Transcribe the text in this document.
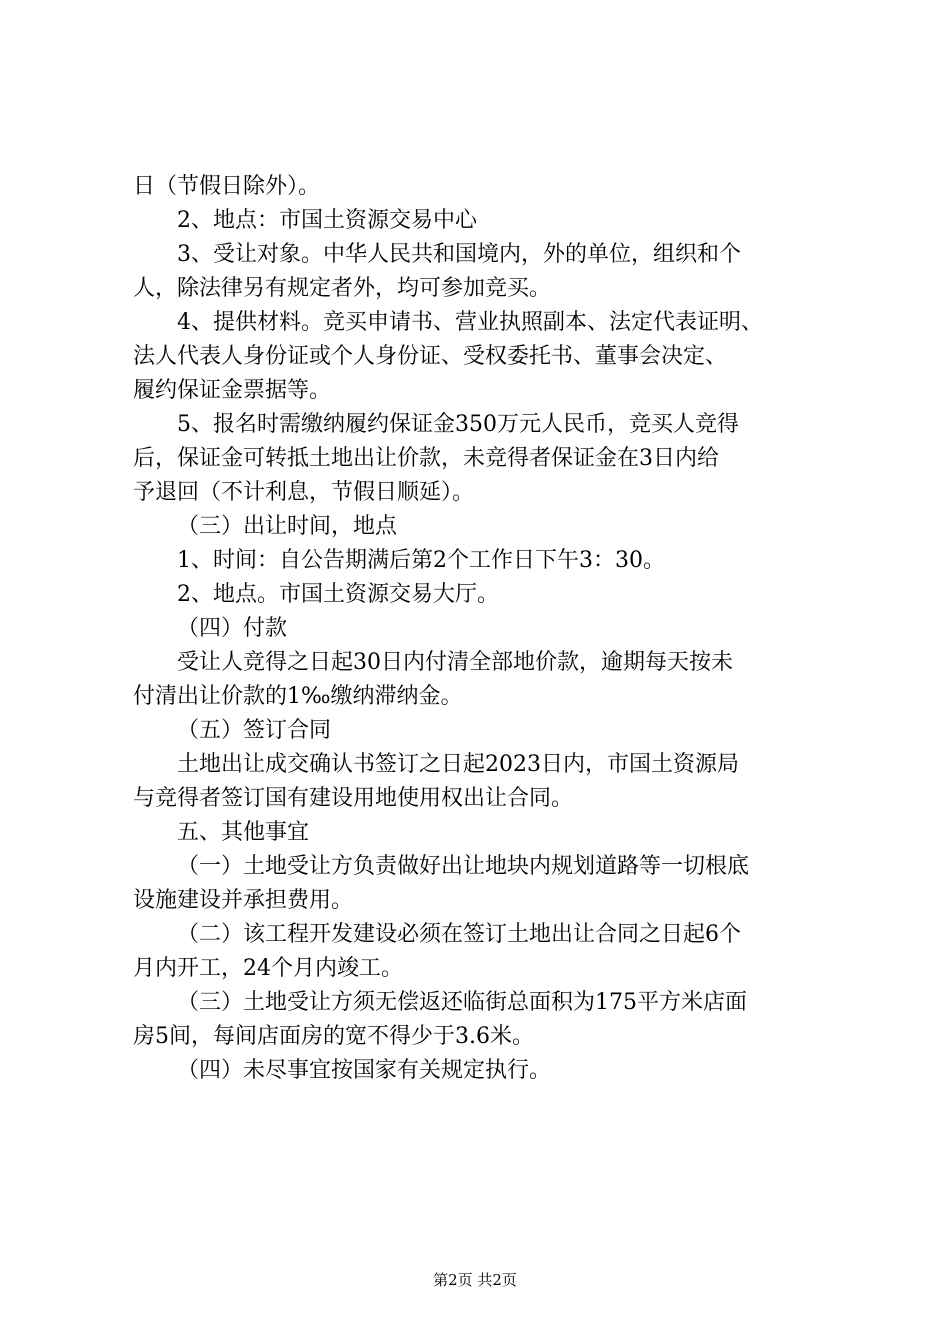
日（节假日除外）。
2、地点：市国土资源交易中心
3、受让对象。中华人民共和国境内，外的单位，组织和个
人，除法律另有规定者外，均可参加竞买。
4、提供材料。竞买申请书、营业执照副本、法定代表证明、
法人代表人身份证或个人身份证、受权委托书、董事会决定、
履约保证金票据等。
5、报名时需缴纳履约保证金350万元人民币，竞买人竞得
后，保证金可转抵土地出让价款，未竞得者保证金在3日内给
予退回（不计利息，节假日顺延）。
（三）出让时间，地点
1、时间：自公告期满后第2个工作日下午3：30。
2、地点。市国土资源交易大厅。
（四）付款
受让人竞得之日起30日内付清全部地价款，逾期每天按未
付清出让价款的1‰缴纳滞纳金。
（五）签订合同
土地出让成交确认书签订之日起2023日内，市国土资源局
与竞得者签订国有建设用地使用权出让合同。
五、其他事宜
（一）土地受让方负责做好出让地块内规划道路等一切根底
设施建设并承担费用。
（二）该工程开发建设必须在签订土地出让合同之日起6个
月内开工，24个月内竣工。
（三）土地受让方须无偿返还临街总面积为175平方米店面
房5间，每间店面房的宽不得少于3.6米。
（四）未尽事宜按国家有关规定执行。
第2页 共2页
